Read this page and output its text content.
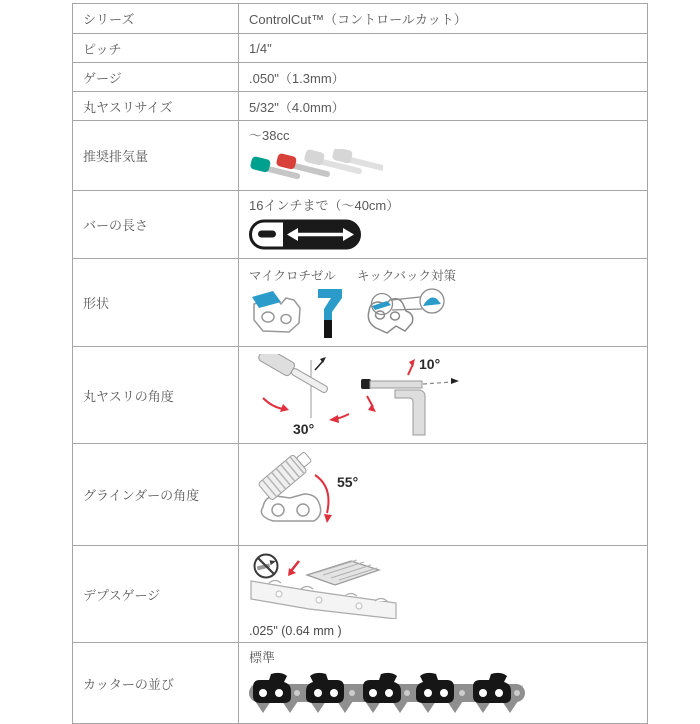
シリーズ	ControlCut™（コントロールカット）
ピッチ	1/4"
ゲージ	.050"（1.3mm）
丸ヤスリサイズ	5/32"（4.0mm）
推奨排気量	～38cc

バーの長さ	16インチまで（～40cm）

形状	マイクロチゼル キックバック対策

丸ヤスリの角度	30°
10°

グラインダーの角度	55°

デプスゲージ	.025" (0.64 mm )

カッターの並び	標準
